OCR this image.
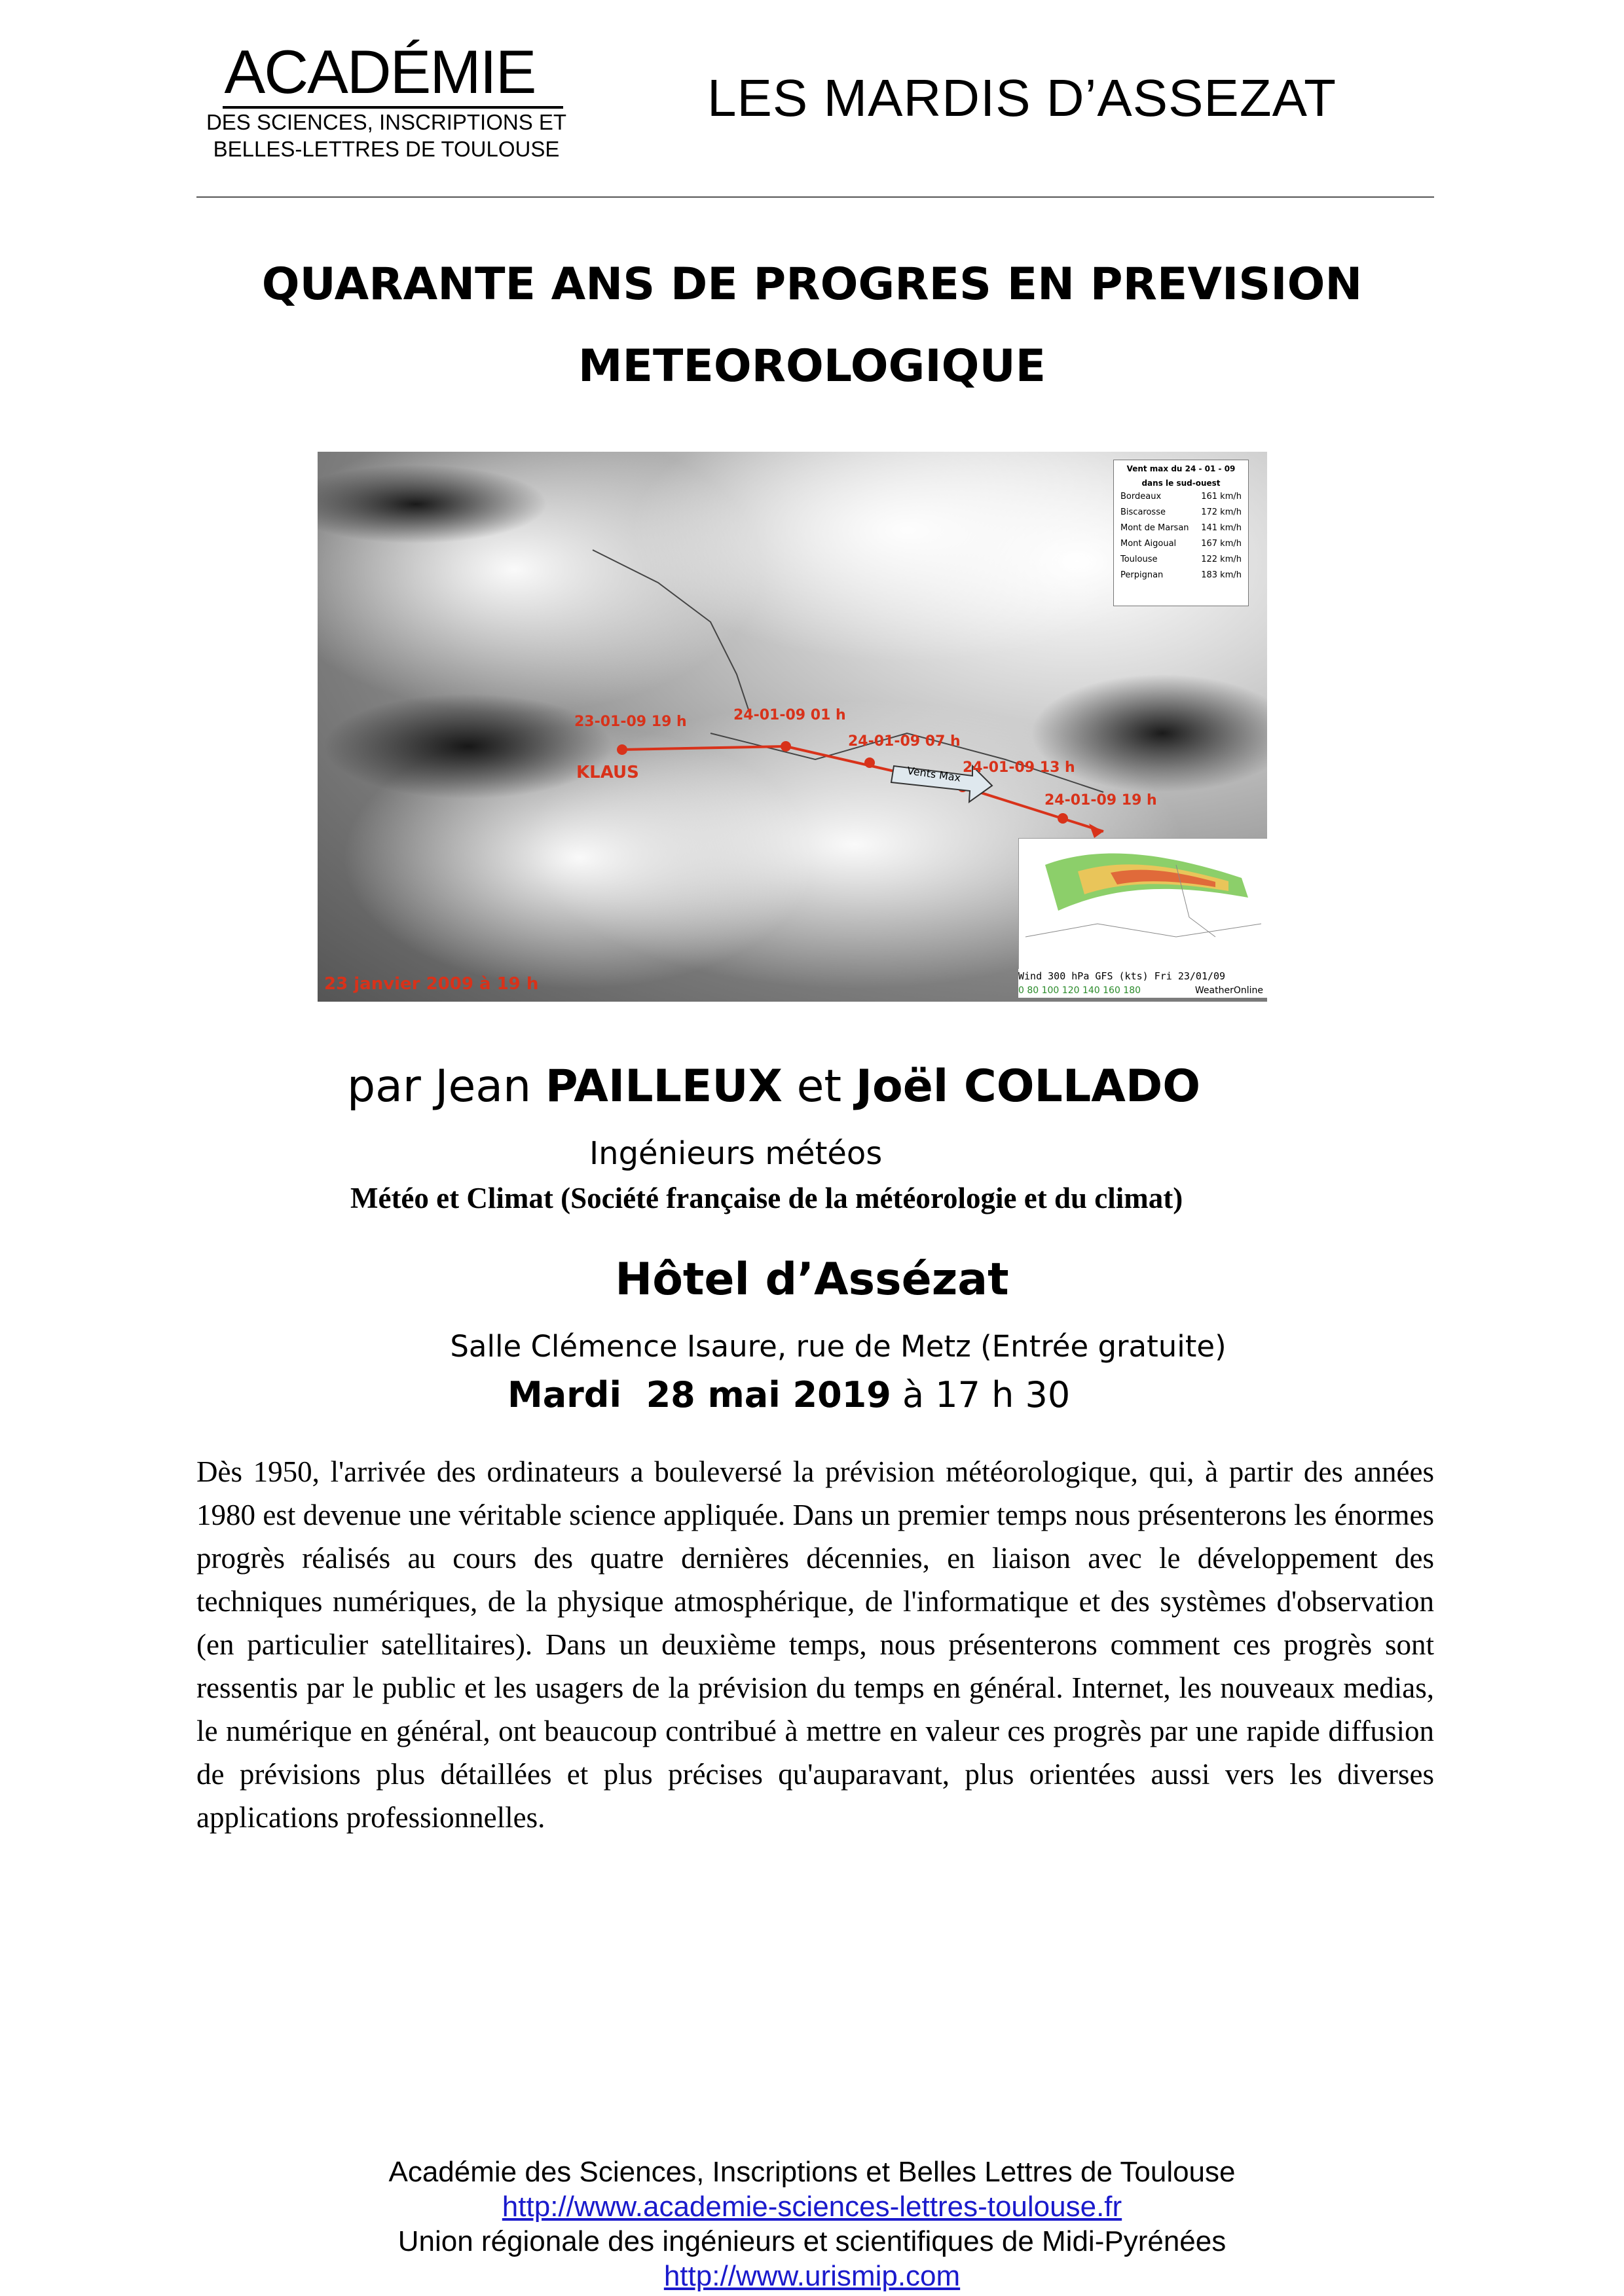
ACADÉMIE
DES SCIENCES, INSCRIPTIONS ET
BELLES-LETTRES DE TOULOUSE
LES MARDIS D’ASSEZAT
QUARANTE ANS DE PROGRES EN PREVISION
METEOROLOGIQUE
Vent max du 24 - 01 - 09
dans le sud-ouest
Bordeaux	161 km/h
Biscarosse	172 km/h
Mont de Marsan 141 km/h
Mont Aigoual	167 km/h
Toulouse	122 km/h
Perpignan	183 km/h
23-01-09 19 h	24-01-09 01 h
24-01-09 07 h
24-01-09 13 h
24-01-09 19 h
KLAUS	Vents Max
Wind 300 hPa GFS (kts) Fri 23/01/09
0 80 100 120 140 160 180	WeatherOnline
23 janvier 2009 à 19 h
par Jean PAILLEUX et Joël COLLADO
Ingénieurs météos
Météo et Climat (Société française de la météorologie et du climat)
Hôtel d’Assézat
Salle Clémence Isaure, rue de Metz (Entrée gratuite)
Mardi  28 mai 2019 à 17 h 30
Dès 1950, l'arrivée des ordinateurs a bouleversé la prévision météorologique, qui, à partir des années 1980 est devenue une véritable science appliquée. Dans un premier temps nous présenterons les énormes progrès réalisés au cours des quatre dernières décennies, en liaison avec le développement des techniques numériques, de la physique atmosphérique, de l'informatique et des systèmes d'observation (en particulier satellitaires). Dans un deuxième temps, nous présenterons comment ces progrès sont ressentis par le public et les usagers de la prévision du temps en général. Internet, les nouveaux medias, le numérique en général, ont beaucoup contribué à mettre en valeur ces progrès par une rapide diffusion de prévisions plus détaillées et plus précises qu'auparavant, plus orientées aussi vers les diverses applications professionnelles.
Académie des Sciences, Inscriptions et Belles Lettres de Toulouse
http://www.academie-sciences-lettres-toulouse.fr
Union régionale des ingénieurs et scientifiques de Midi-Pyrénées
http://www.urismip.com
